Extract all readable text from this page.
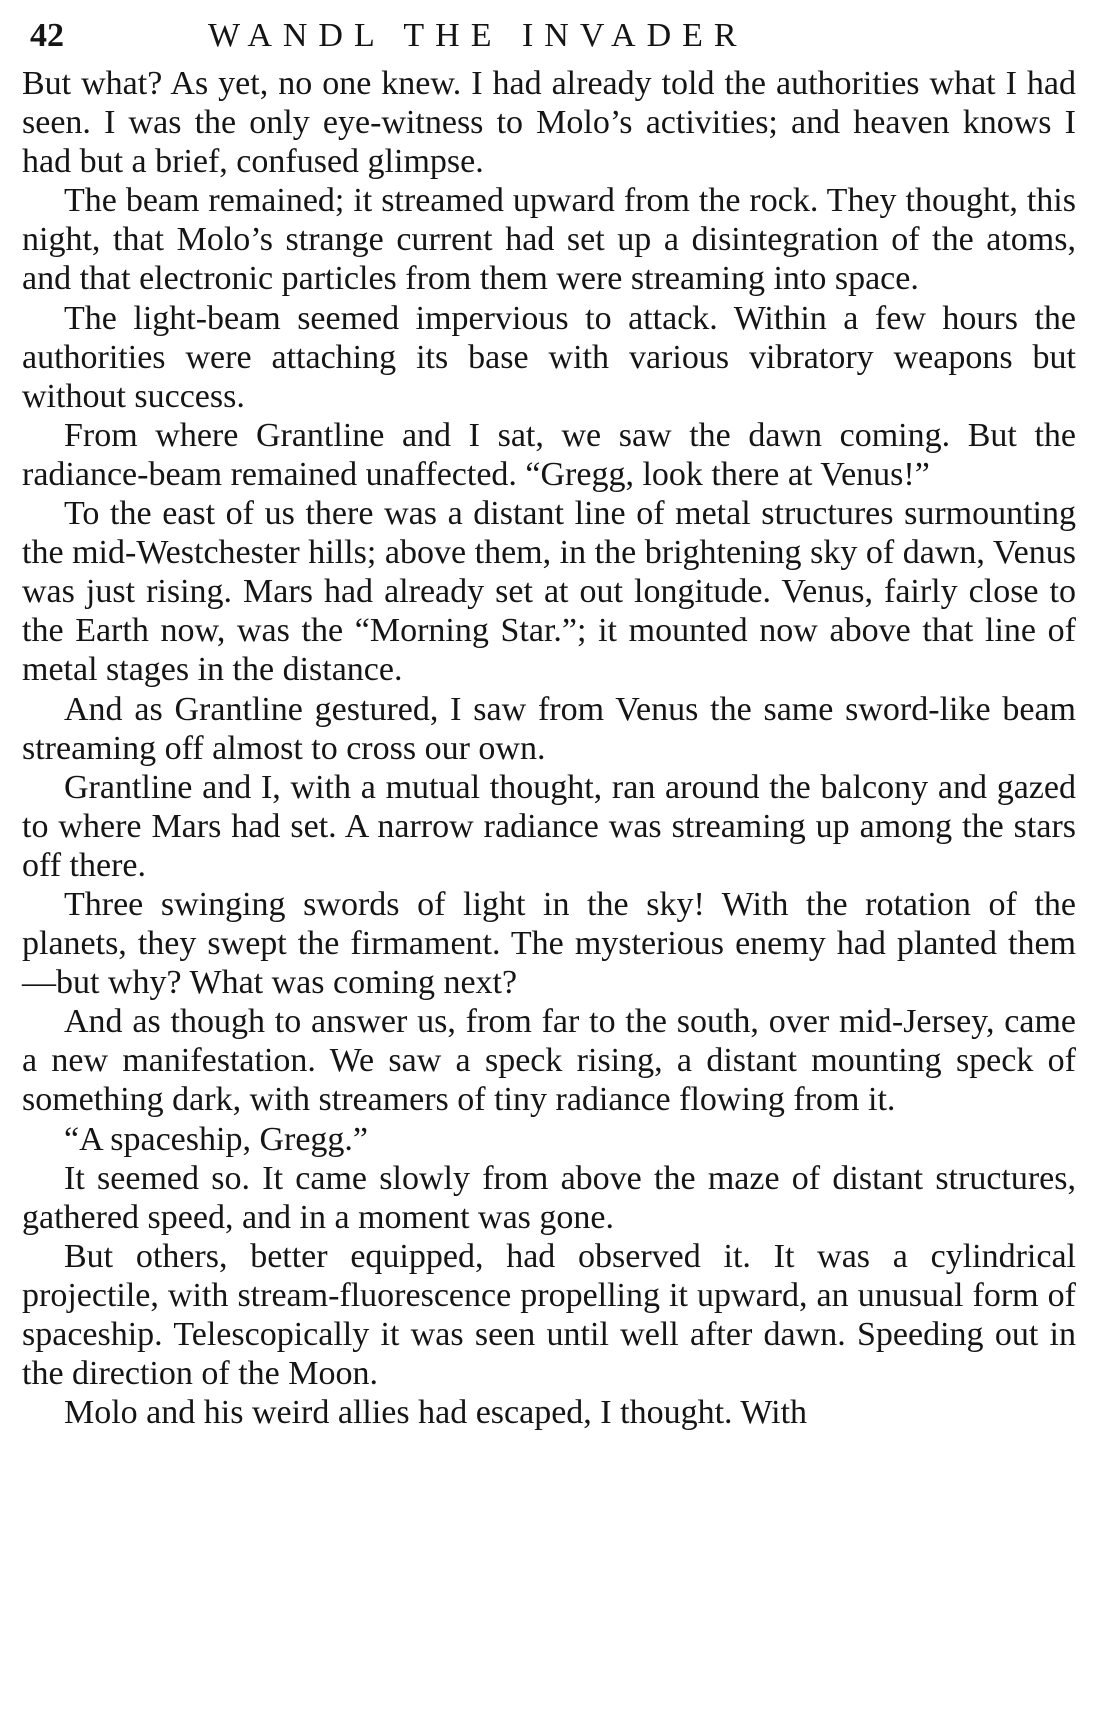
42	WANDL THE INVADER

But what? As yet, no one knew. I had already told the authorities what I had seen. I was the only eye-witness to Molo’s activities; and heaven knows I had but a brief, confused glimpse.

The beam remained; it streamed upward from the rock. They thought, this night, that Molo’s strange current had set up a disintegration of the atoms, and that electronic particles from them were streaming into space.

The light-beam seemed impervious to attack. Within a few hours the authorities were attaching its base with various vibratory weapons but without success.

From where Grantline and I sat, we saw the dawn coming. But the radiance-beam remained unaffected. “Gregg, look there at Venus!”

To the east of us there was a distant line of metal structures surmounting the mid-Westchester hills; above them, in the brightening sky of dawn, Venus was just rising. Mars had already set at out longitude. Venus, fairly close to the Earth now, was the “Morning Star.”; it mounted now above that line of metal stages in the distance.

And as Grantline gestured, I saw from Venus the same sword-like beam streaming off almost to cross our own.

Grantline and I, with a mutual thought, ran around the balcony and gazed to where Mars had set. A narrow radiance was streaming up among the stars off there.

Three swinging swords of light in the sky! With the rotation of the planets, they swept the firmament. The mysterious enemy had planted them—but why? What was coming next?

And as though to answer us, from far to the south, over mid-Jersey, came a new manifestation. We saw a speck rising, a distant mounting speck of something dark, with streamers of tiny radiance flowing from it.

“A spaceship, Gregg.”

It seemed so. It came slowly from above the maze of distant structures, gathered speed, and in a moment was gone.

But others, better equipped, had observed it. It was a cylindrical projectile, with stream-fluorescence propelling it upward, an unusual form of spaceship. Telescopically it was seen until well after dawn. Speeding out in the direction of the Moon.

Molo and his weird allies had escaped, I thought. With
